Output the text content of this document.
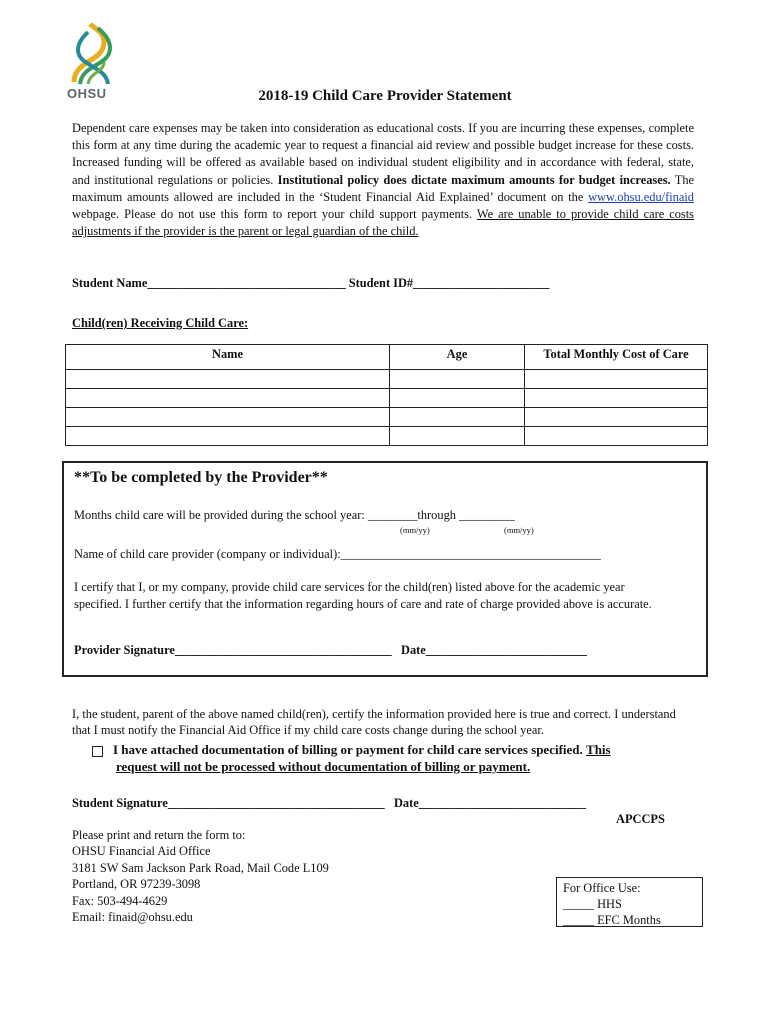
OHSU	2018-19 Child Care Provider Statement
Dependent care expenses may be taken into consideration as educational costs. If you are incurring these expenses, complete this form at any time during the academic year to request a financial aid review and possible budget increase for these costs. Increased funding will be offered as available based on individual student eligibility and in accordance with federal, state, and institutional regulations or policies. Institutional policy does dictate maximum amounts for budget increases. The maximum amounts allowed are included in the ‘Student Financial Aid Explained’ document on the www.ohsu.edu/finaid webpage. Please do not use this form to report your child support payments. We are unable to provide child care costs adjustments if the provider is the parent or legal guardian of the child.
Student Name________________________________ Student ID#______________________
Child(ren) Receiving Child Care:
Name	Age	Total Monthly Cost of Care

**To be completed by the Provider**
Months child care will be provided during the school year: ________through _________
(mm/yy)	(mm/yy)
Name of child care provider (company or individual):__________________________________________
I certify that I, or my company, provide child care services for the child(ren) listed above for the academic year specified. I further certify that the information regarding hours of care and rate of charge provided above is accurate.
Provider Signature___________________________________ Date__________________________
I, the student, parent of the above named child(ren), certify the information provided here is true and correct. I understand that I must notify the Financial Aid Office if my child care costs change during the school year.
I have attached documentation of billing or payment for child care services specified. This
request will not be processed without documentation of billing or payment.
Student Signature___________________________________ Date___________________________
APCCPS
Please print and return the form to:
OHSU Financial Aid Office
3181 SW Sam Jackson Park Road, Mail Code L109
Portland, OR 97239-3098
Fax: 503-494-4629
Email: finaid@ohsu.edu
For Office Use:
_____ HHS
_____ EFC Months
